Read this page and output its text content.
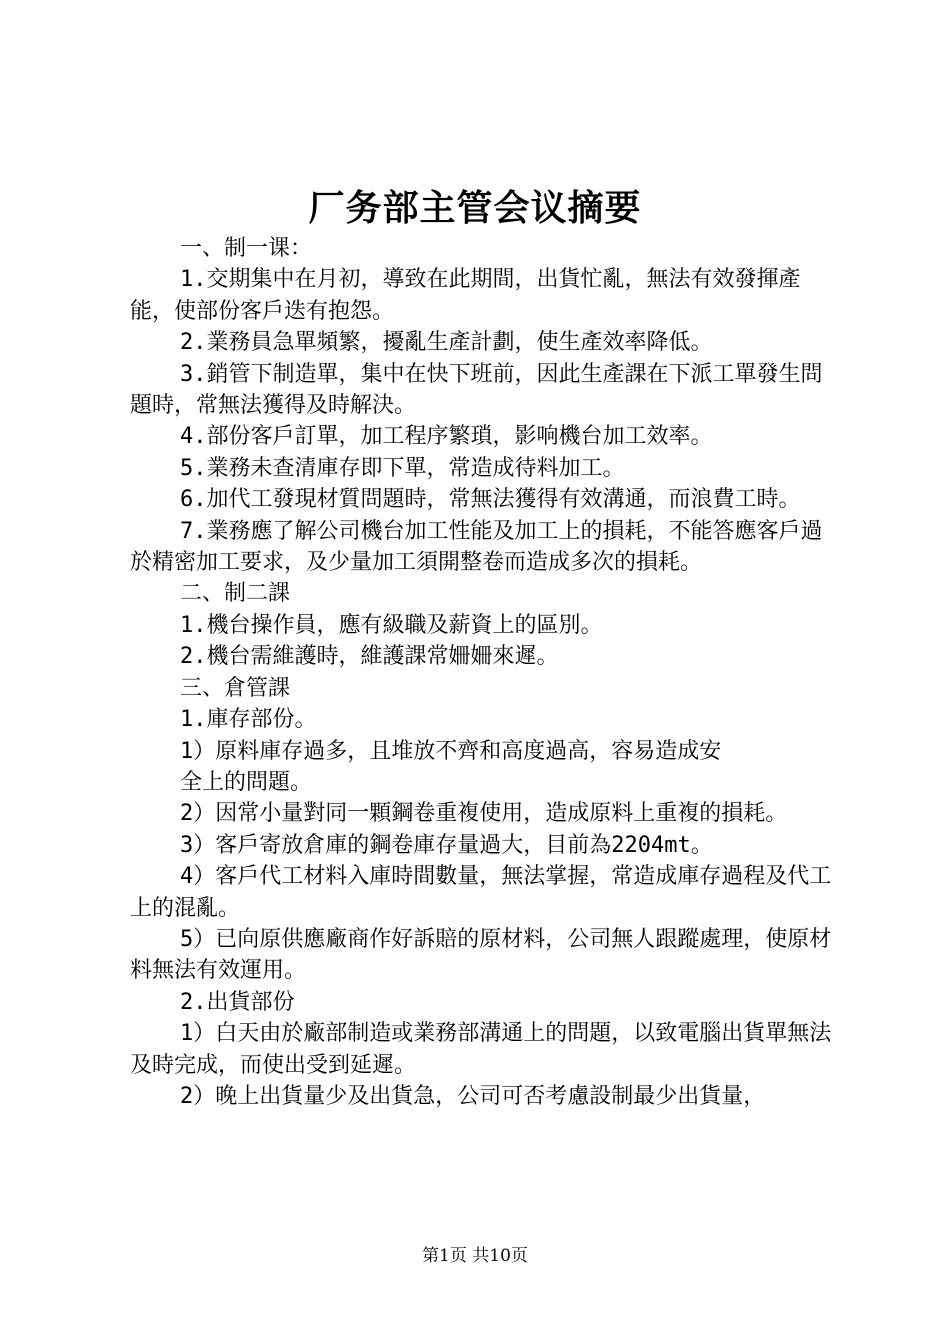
厂务部主管会议摘要

一、制一课：

1.交期集中在月初，導致在此期間，出貨忙亂，無法有效發揮產能，使部份客戶迭有抱怨。

2.業務員急單頻繁，擾亂生產計劃，使生產效率降低。

3.銷管下制造單，集中在快下班前，因此生產課在下派工單發生問題時，常無法獲得及時解決。

4.部份客戶訂單，加工程序繁瑣，影响機台加工效率。

5.業務未查清庫存即下單，常造成待料加工。

6.加代工發現材質問題時，常無法獲得有效溝通，而浪費工時。

7.業務應了解公司機台加工性能及加工上的損耗，不能答應客戶過於精密加工要求，及少量加工須開整卷而造成多次的損耗。

二、制二課

1.機台操作員，應有級職及薪資上的區別。

2.機台需維護時，維護課常姍姍來遲。

三、倉管課

1.庫存部份。

1）原料庫存過多，且堆放不齊和高度過高，容易造成安

全上的問題。

2）因常小量對同一顆鋼卷重複使用，造成原料上重複的損耗。

3）客戶寄放倉庫的鋼卷庫存量過大，目前為2204mt。

4）客戶代工材料入庫時間數量，無法掌握，常造成庫存過程及代工上的混亂。

5）已向原供應廠商作好訴賠的原材料，公司無人跟蹤處理，使原材料無法有效運用。

2.出貨部份

1）白天由於廠部制造或業務部溝通上的問題，以致電腦出貨單無法及時完成，而使出受到延遲。

2）晚上出貨量少及出貨急，公司可否考慮設制最少出貨量，

第1页 共10页
